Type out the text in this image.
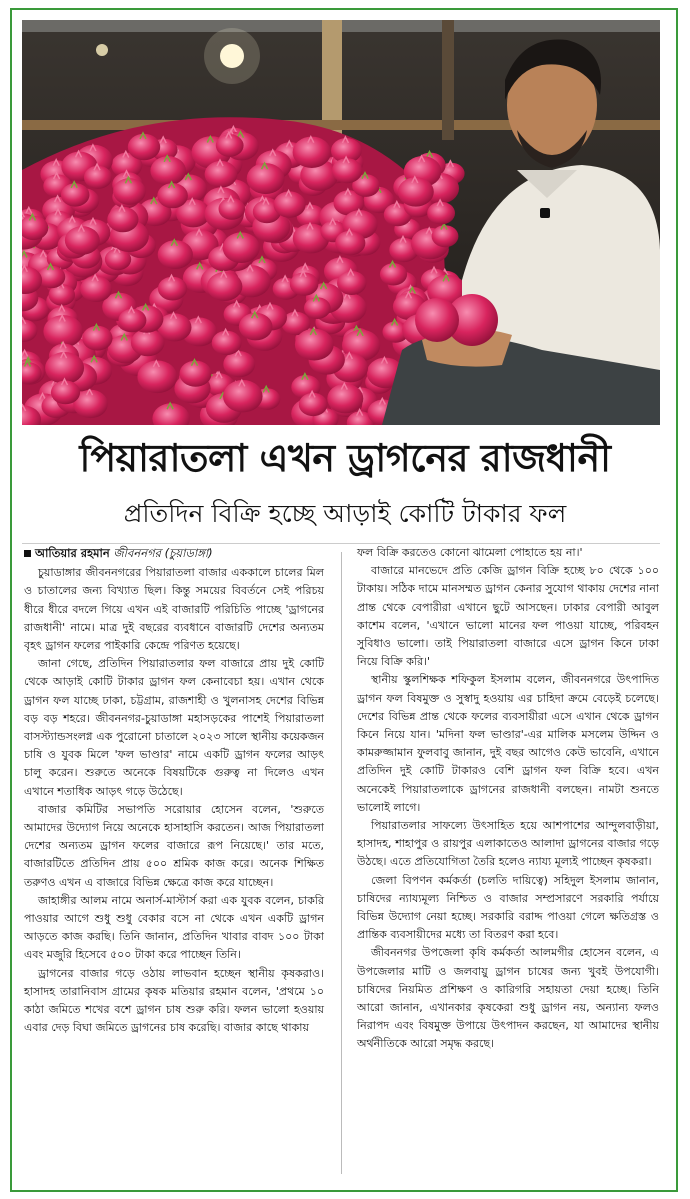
পিয়ারাতলা এখন ড্রাগনের রাজধানী
প্রতিদিন বিক্রি হচ্ছে আড়াই কোটি টাকার ফল
আতিয়ার রহমান জীবননগর (চুয়াডাঙ্গা)

চুয়াডাঙ্গার জীবননগরের পিয়ারাতলা বাজার এককালে চালের মিল ও চাতালের জন্য বিখ্যাত ছিল। কিন্তু সময়ের বিবর্তনে সেই পরিচয় ধীরে ধীরে বদলে গিয়ে এখন এই বাজারটি পরিচিতি পাচ্ছে 'ড্রাগনের রাজধানী' নামে। মাত্র দুই বছরের ব্যবধানে বাজারটি দেশের অন্যতম বৃহৎ ড্রাগন ফলের পাইকারি কেন্দ্রে পরিণত হয়েছে।

জানা গেছে, প্রতিদিন পিয়ারাতলার ফল বাজারে প্রায় দুই কোটি থেকে আড়াই কোটি টাকার ড্রাগন ফল কেনাবেচা হয়। এখান থেকে ড্রাগন ফল যাচ্ছে ঢাকা, চট্টগ্রাম, রাজশাহী ও খুলনাসহ দেশের বিভিন্ন বড় বড় শহরে। জীবননগর-চুয়াডাঙ্গা মহাসড়কের পাশেই পিয়ারাতলা বাসস্ট্যান্ডসংলগ্ন এক পুরোনো চাতালে ২০২৩ সালে স্থানীয় কয়েকজন চাষি ও যুবক মিলে 'ফল ভাণ্ডার' নামে একটি ড্রাগন ফলের আড়ৎ চালু করেন। শুরুতে অনেকে বিষয়টিকে গুরুত্ব না দিলেও এখন এখানে শতাধিক আড়ৎ গড়ে উঠেছে।

বাজার কমিটির সভাপতি সরোয়ার হোসেন বলেন, 'শুরুতে আমাদের উদ্যোগ নিয়ে অনেকে হাসাহাসি করতেন। আজ পিয়ারাতলা দেশের অন্যতম ড্রাগন ফলের বাজারে রূপ নিয়েছে।' তার মতে, বাজারটিতে প্রতিদিন প্রায় ৫০০ শ্রমিক কাজ করে। অনেক শিক্ষিত তরুণও এখন এ বাজারে বিভিন্ন ক্ষেত্রে কাজ করে যাচ্ছেন।

জাহাঙ্গীর আলম নামে অনার্স-মাস্টার্স করা এক যুবক বলেন, চাকরি পাওয়ার আগে শুধু শুধু বেকার বসে না থেকে এখন একটি ড্রাগন আড়তে কাজ করছি। তিনি জানান, প্রতিদিন খাবার বাবদ ১০০ টাকা এবং মজুরি হিসেবে ৫০০ টাকা করে পাচ্ছেন তিনি।

ড্রাগনের বাজার গড়ে ওঠায় লাভবান হচ্ছেন স্থানীয় কৃষকরাও। হাসাদহ তারানিবাস গ্রামের কৃষক মতিয়ার রহমান বলেন, 'প্রথমে ১০ কাঠা জমিতে শখের বশে ড্রাগন চাষ শুরু করি। ফলন ভালো হওয়ায় এবার দেড় বিঘা জমিতে ড্রাগনের চাষ করেছি। বাজার কাছে থাকায়

ফল বিক্রি করতেও কোনো ঝামেলা পোহাতে হয় না।'

বাজারে মানভেদে প্রতি কেজি ড্রাগন বিক্রি হচ্ছে ৮০ থেকে ১০০ টাকায়। সঠিক দামে মানসম্মত ড্রাগন কেনার সুযোগ থাকায় দেশের নানা প্রান্ত থেকে বেপারীরা এখানে ছুটে আসছেন। ঢাকার বেপারী আবুল কাশেম বলেন, 'এখানে ভালো মানের ফল পাওয়া যাচ্ছে, পরিবহন সুবিধাও ভালো। তাই পিয়ারাতলা বাজারে এসে ড্রাগন কিনে ঢাকা নিয়ে বিক্রি করি।'

স্থানীয় স্কুলশিক্ষক শফিকুল ইসলাম বলেন, জীবননগরে উৎপাদিত ড্রাগন ফল বিষমুক্ত ও সুস্বাদু হওয়ায় এর চাহিদা ক্রমে বেড়েই চলেছে। দেশের বিভিন্ন প্রান্ত থেকে ফলের ব্যবসায়ীরা এসে এখান থেকে ড্রাগন কিনে নিয়ে যান। 'মদিনা ফল ভাণ্ডার'-এর মালিক মসলেম উদ্দিন ও কামরুজ্জামান ফুলবাবু জানান, দুই বছর আগেও কেউ ভাবেনি, এখানে প্রতিদিন দুই কোটি টাকারও বেশি ড্রাগন ফল বিক্রি হবে। এখন অনেকেই পিয়ারাতলাকে ড্রাগনের রাজধানী বলছেন। নামটা শুনতে ভালোই লাগে।

পিয়ারাতলার সাফল্যে উৎসাহিত হয়ে আশপাশের আন্দুলবাড়ীয়া, হাসাদহ, শাহাপুর ও রায়পুর এলাকাতেও আলাদা ড্রাগনের বাজার গড়ে উঠছে। এতে প্রতিযোগিতা তৈরি হলেও ন্যায্য মূল্যই পাচ্ছেন কৃষকরা।

জেলা বিপণন কর্মকর্তা (চলতি দায়িত্বে) সহিদুল ইসলাম জানান, চাষিদের ন্যায্যমূল্য নিশ্চিত ও বাজার সম্প্রসারণে সরকারি পর্যায়ে বিভিন্ন উদ্যোগ নেয়া হচ্ছে। সরকারি বরাদ্দ পাওয়া গেলে ক্ষতিগ্রস্ত ও প্রান্তিক ব্যবসায়ীদের মধ্যে তা বিতরণ করা হবে।

জীবননগর উপজেলা কৃষি কর্মকর্তা আলমগীর হোসেন বলেন, এ উপজেলার মাটি ও জলবায়ু ড্রাগন চাষের জন্য খুবই উপযোগী। চাষিদের নিয়মিত প্রশিক্ষণ ও কারিগরি সহায়তা দেয়া হচ্ছে। তিনি আরো জানান, এখানকার কৃষকেরা শুধু ড্রাগন নয়, অন্যান্য ফলও নিরাপদ এবং বিষমুক্ত উপায়ে উৎপাদন করছেন, যা আমাদের স্থানীয় অর্থনীতিকে আরো সমৃদ্ধ করছে।
